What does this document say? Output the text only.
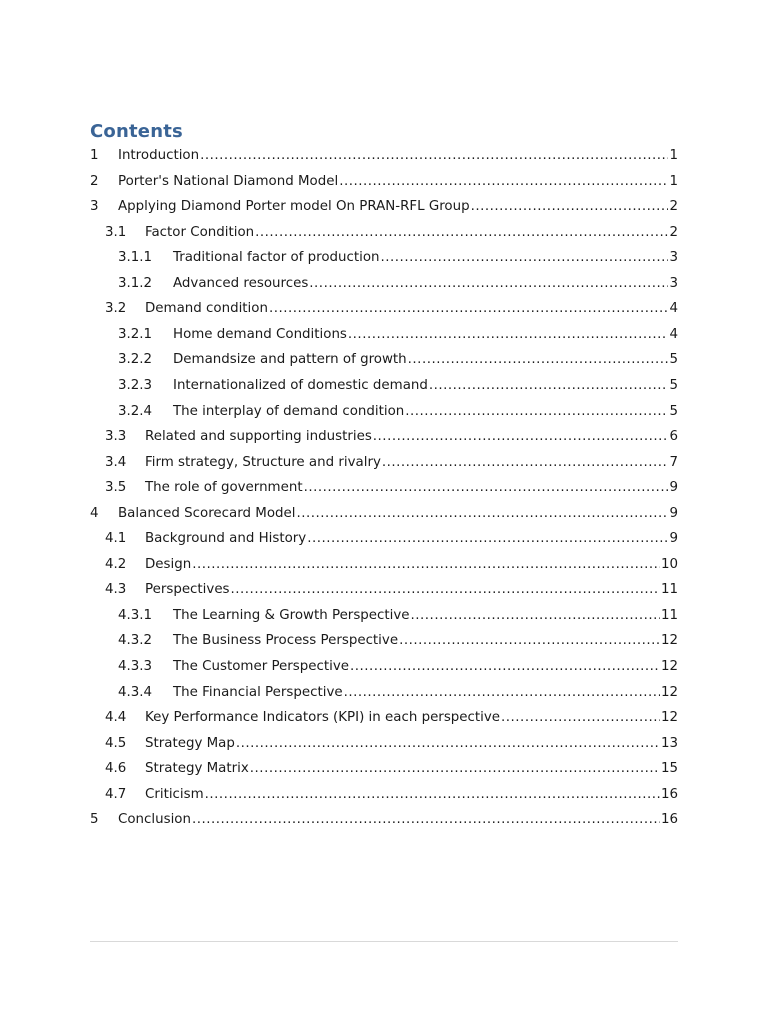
Contents
1	Introduction .....	1
2	Porter's National Diamond Model .....	1
3	Applying Diamond Porter model On PRAN-RFL Group .....	2
3.1	Factor Condition .....	2
3.1.1	Traditional factor of production .....	3
3.1.2	Advanced resources .....	3
3.2	Demand condition .....	4
3.2.1	Home demand Conditions .....	4
3.2.2	Demandsize and pattern of growth .....	5
3.2.3	Internationalized of domestic demand .....	5
3.2.4	The interplay of demand condition .....	5
3.3	Related and supporting industries .....	6
3.4	Firm strategy, Structure and rivalry .....	7
3.5	The role of government .....	9
4	Balanced Scorecard Model .....	9
4.1	Background and History .....	9
4.2	Design .....	10
4.3	Perspectives .....	11
4.3.1	The Learning & Growth Perspective .....	11
4.3.2	The Business Process Perspective .....	12
4.3.3	The Customer Perspective .....	12
4.3.4	The Financial Perspective .....	12
4.4	Key Performance Indicators (KPI) in each perspective .....	12
4.5	Strategy Map .....	13
4.6	Strategy Matrix .....	15
4.7	Criticism .....	16
5	Conclusion .....	16
